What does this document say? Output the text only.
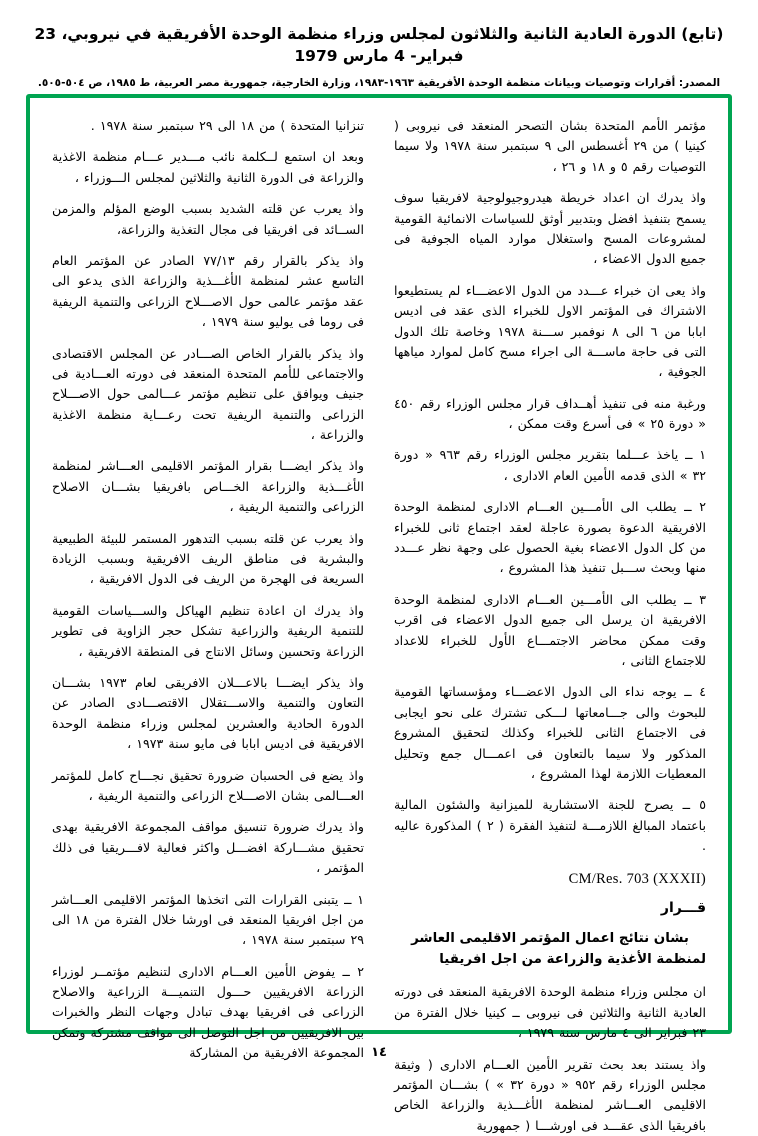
(تابع) الدورة العادية الثانية والثلاثون لمجلس وزراء منظمة الوحدة الأفريقية في نيروبي، 23 فبراير- 4 مارس 1979
المصدر: أقرارات وتوصيات وبيانات منظمة الوحدة الأفريقية ١٩٦٣-١٩٨٣، وزارة الخارجية، جمهورية مصر العربية، ط ١٩٨٥، ص ٥٠٤-٥٠٥.

مؤتمر الأمم المتحدة بشان التصحر المنعقد فى نيروبى ( كينيا ) من ٢٩ أغسطس الى ٩ سبتمبر سنة ١٩٧٨ ولا سيما التوصيات رقم ٥ و ١٨ و ٢٦ ،

واذ يدرك ان اعداد خريطة هيدروجيولوجية لافريقيا سوف يسمح بتنفيذ افضل وبتدبير أوثق للسياسات الانمائية القومية لمشروعات المسح واستغلال موارد المياه الجوفية فى جميع الدول الاعضاء ،

واذ يعى ان خبراء عـــدد من الدول الاعضـــاء لم يستطيعوا الاشتراك فى المؤتمر الاول للخبراء الذى عقد فى اديس ابابا من ٦ الى ٨ نوفمبر ســـنة ١٩٧٨ وخاصة تلك الدول التى فى حاجة ماســـة الى اجراء مسح كامل لموارد مياهها الجوفية ،

ورغبة منه فى تنفيذ أهــداف قرار مجلس الوزراء رقم ٤٥٠ « دورة ٢٥ » فى أسرع وقت ممكن ،

١ ــ ياخذ عـــلما بتقرير مجلس الوزراء رقم ٩٦٣ « دورة ٣٢ » الذى قدمه الأمين العام الادارى ،

٢ ــ يطلب الى الأمـــين العـــام الادارى لمنظمة الوحدة الافريقية الدعوة بصورة عاجلة لعقد اجتماع ثانى للخبراء من كل الدول الاعضاء بغية الحصول على وجهة نظر عـــدد منها وبحث ســـبل تنفيذ هذا المشروع ،

٣ ــ يطلب الى الأمـــين العـــام الادارى لمنظمة الوحدة الافريقية ان يرسل الى جميع الدول الاعضاء فى اقرب وقت ممكن محاضر الاجتمـــاع الأول للخبراء للاعداد للاجتماع الثانى ،

٤ ــ يوجه نداء الى الدول الاعضـــاء ومؤسساتها القومية للبحوث والى جـــامعاتها لـــكى تشترك على نحو ايجابى فى الاجتماع الثانى للخبراء وكذلك لتحقيق المشروع المذكور ولا سيما بالتعاون فى اعمـــال جمع وتحليل المعطيات اللازمة لهذا المشروع ،

٥ ــ يصرح للجنة الاستشارية للميزانية والشئون المالية باعتماد المبالغ اللازمـــة لتنفيذ الفقرة ( ٢ ) المذكورة عاليه .

CM/Res. 703 (XXXII)
قـــرار
بشان نتائج اعمال المؤتمر الاقليمى العاشر لمنظمة الأغذية والزراعة من اجل افريقيا

ان مجلس وزراء منظمة الوحدة الافريقية المنعقد فى دورته العادية الثانية والثلاثين فى نيروبى ــ كينيا خلال الفترة من ٢٣ فبراير الى ٤ مارس سنة ١٩٧٩ ،

واذ يستند بعد بحث تقرير الأمين العـــام الادارى ( وثيقة مجلس الوزراء رقم ٩٥٢ « دورة ٣٢ » ) بشـــان المؤتمر الاقليمى العـــاشر لمنظمة الأغـــذية والزراعة الخاص بافريقيا الذى عقـــد فى اورشـــا ( جمهورية

تنزانيا المتحدة ) من ١٨ الى ٢٩ سبتمبر سنة ١٩٧٨ .

وبعد ان استمع لــكلمة نائب مـــدير عـــام منظمة الاغذية والزراعة فى الدورة الثانية والثلاثين لمجلس الـــوزراء ،

واذ يعرب عن قلته الشديد بسبب الوضع المؤلم والمزمن الســائد فى افريقيا فى مجال التغذية والزراعة،

واذ يذكر بالقرار رقم ٧٧/١٣ الصادر عن المؤتمر العام التاسع عشر لمنظمة الأغـــذية والزراعة الذى يدعو الى عقد مؤتمر عالمى حول الاصـــلاح الزراعى والتنمية الريفية فى روما فى يوليو سنة ١٩٧٩ ،

واذ يذكر بالقرار الخاص الصـــادر عن المجلس الاقتصادى والاجتماعى للأمم المتحدة المنعقد فى دورته العـــادية فى جنيف ويوافق على تنظيم مؤتمر عـــالمى حول الاصـــلاح الزراعى والتنمية الريفية تحت رعـــاية منظمة الاغذية والزراعة ،

واذ يذكر ايضـــا بقرار المؤتمر الاقليمى العـــاشر لمنظمة الأغـــذية والزراعة الخـــاص بافريقيا بشـــان الاصلاح الزراعى والتنمية الريفية ،

واذ يعرب عن قلته بسبب التدهور المستمر للبيئة الطبيعية والبشرية فى مناطق الريف الافريقية وبسبب الزيادة السريعة فى الهجرة من الريف فى الدول الافريقية ،

واذ يدرك ان اعادة تنظيم الهياكل والســـياسات القومية للتنمية الريفية والزراعية تشكل حجر الزاوية فى تطوير الزراعة وتحسين وسائل الانتاج فى المنطقة الافريقية ،

واذ يذكر ايضـــا بالاعـــلان الافريقى لعام ١٩٧٣ بشـــان التعاون والتنمية والاســـتقلال الاقتصـــادى الصادر عن الدورة الحادية والعشرين لمجلس وزراء منظمة الوحدة الافريقية فى اديس ابابا فى مايو سنة ١٩٧٣ ،

واذ يضع فى الحسبان ضرورة تحقيق نجـــاح كامل للمؤتمر العـــالمى بشان الاصـــلاح الزراعى والتنمية الريفية ،

واذ يدرك ضرورة تنسيق مواقف المجموعة الافريقية بهدى تحقيق مشـــاركة افضـــل واكثر فعالية لافـــريقيا فى ذلك المؤتمر ،

١ ــ يتبنى القرارات التى اتخذها المؤتمر الاقليمى العـــاشر من اجل افريقيا المنعقد فى اورشا خلال الفترة من ١٨ الى ٢٩ سبتمبر سنة ١٩٧٨ ،

٢ ــ يفوض الأمين العـــام الادارى لتنظيم مؤتمــر لوزراء الزراعة الافريقيين حـــول التنميـــة الزراعية والاصلاح الزراعى فى افريقيا بهدف تبادل وجهات النظر والخبرات بين الافريقيين من اجل التوصل الى مواقف مشتركة وتمكن المجموعة الافريقية من المشاركة ١٤
